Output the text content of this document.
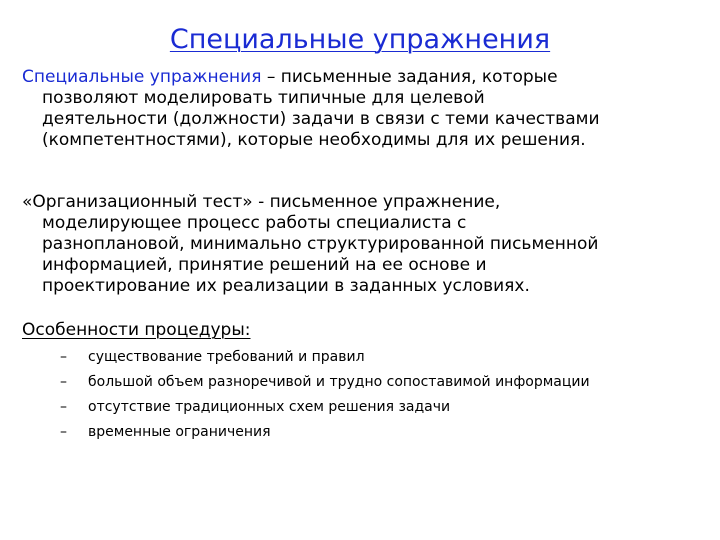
Специальные упражнения
Специальные упражнения – письменные задания, которые
позволяют моделировать типичные для целевой
деятельности (должности) задачи в связи с теми качествами
(компетентностями), которые необходимы для их решения.
«Организационный тест» - письменное упражнение,
моделирующее процесс работы специалиста с
разноплановой, минимально структурированной письменной
информацией, принятие решений на ее основе и
проектирование их реализации в заданных условиях.
Особенности процедуры:
– существование требований и правил
– большой объем разноречивой и трудно сопоставимой информации
– отсутствие традиционных схем решения задачи
– временные ограничения
